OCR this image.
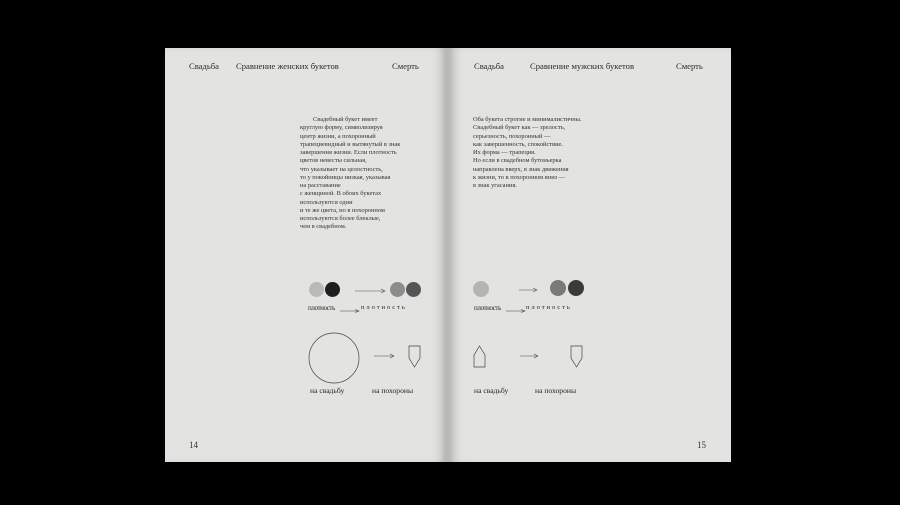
Свадьба Сравнение женских букетов	Смерть
Свадебный букет имеет
круглую форму, символизируя
центр жизни, а похоронный
трапециевидный и вытянутый в знак
завершения жизни. Если плотность
цветов невесты сильная,
что указывает на целостность,
то у покойницы низкая, указывая
на расставание
с женщиной. В обоих букетах
используются одни
и те же цвета, но в похоронном
используются более блеклые,
чем в свадебном.
плотность	плотность
на свадьбу	на похороны
14
Свадьба	Сравнение мужских букетов	Смерть
Оба букета строгие и минималистичны.
Свадебный букет как — зрелость,
серьезность, похоронный —
как завершенность, спокойствие.
Их форма — трапеция.
Но если в свадебном бутоньерка
направлена вверх, в знак движения
к жизни, то в похоронном вниз —
в знак угасания.
плотность	плотность
на свадьбу	на похороны
15
